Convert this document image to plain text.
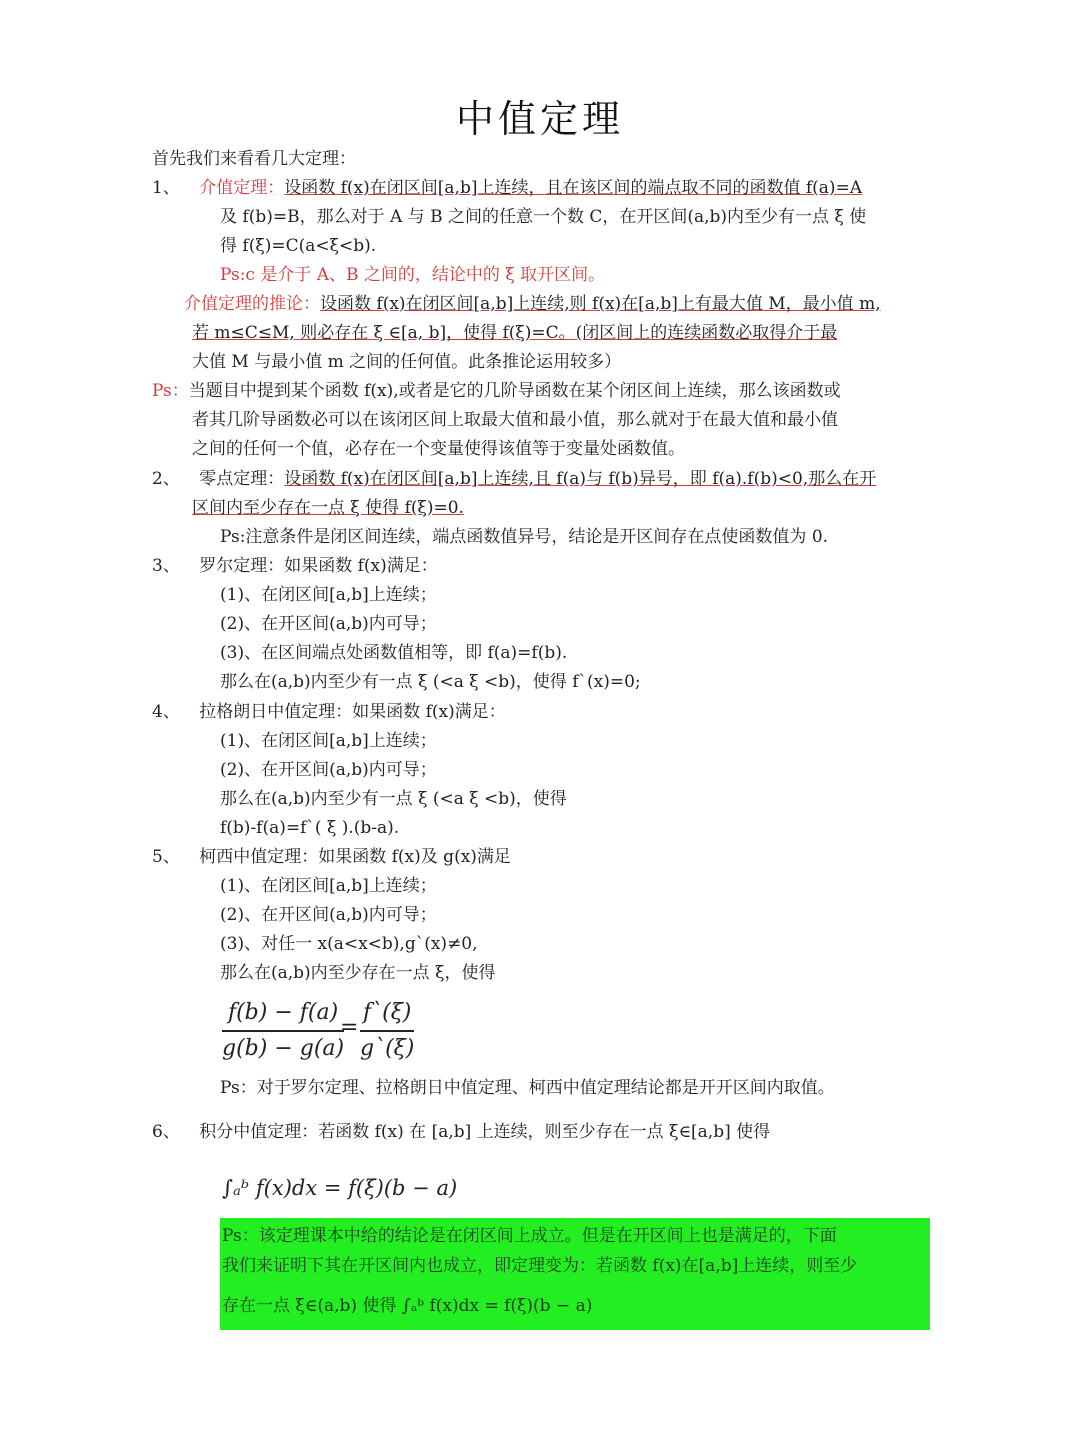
中值定理
首先我们来看看几大定理：
1、 介值定理：设函数 f(x)在闭区间[a,b]上连续，且在该区间的端点取不同的函数值 f(a)=A
及 f(b)=B，那么对于 A 与 B 之间的任意一个数 C，在开区间(a,b)内至少有一点 ξ 使
得 f(ξ)=C(a<ξ<b).
Ps:c 是介于 A、B 之间的，结论中的 ξ 取开区间。
介值定理的推论：设函数 f(x)在闭区间[a,b]上连续,则 f(x)在[a,b]上有最大值 M，最小值 m,
若 m≤C≤M, 则必存在 ξ ∈[a, b]，使得 f(ξ)=C。(闭区间上的连续函数必取得介于最
大值 M 与最小值 m 之间的任何值。此条推论运用较多）
Ps：当题目中提到某个函数 f(x),或者是它的几阶导函数在某个闭区间上连续，那么该函数或
者其几阶导函数必可以在该闭区间上取最大值和最小值，那么就对于在最大值和最小值
之间的任何一个值，必存在一个变量使得该值等于变量处函数值。
2、 零点定理：设函数 f(x)在闭区间[a,b]上连续,且 f(a)与 f(b)异号，即 f(a).f(b)<0,那么在开
区间内至少存在一点 ξ 使得 f(ξ)=0.
Ps:注意条件是闭区间连续，端点函数值异号，结论是开区间存在点使函数值为 0.
3、 罗尔定理：如果函数 f(x)满足：
(1)、在闭区间[a,b]上连续；
(2)、在开区间(a,b)内可导；
(3)、在区间端点处函数值相等，即 f(a)=f(b).
那么在(a,b)内至少有一点 ξ (<a ξ <b)，使得 f`(x)=0;
4、 拉格朗日中值定理：如果函数 f(x)满足：
(1)、在闭区间[a,b]上连续；
(2)、在开区间(a,b)内可导；
那么在(a,b)内至少有一点 ξ (<a ξ <b)，使得
f(b)-f(a)=f`( ξ ).(b-a).
5、 柯西中值定理：如果函数 f(x)及 g(x)满足
(1)、在闭区间[a,b]上连续；
(2)、在开区间(a,b)内可导；
(3)、对任一 x(a<x<b),g`(x)≠0,
那么在(a,b)内至少存在一点 ξ，使得
f(b) − f(a)
g(b) − g(a)
=
f`(ξ)
g`(ξ)
Ps：对于罗尔定理、拉格朗日中值定理、柯西中值定理结论都是开开区间内取值。
6、 积分中值定理：若函数 f(x) 在 [a,b] 上连续，则至少存在一点 ξ∈[a,b] 使得
∫ₐᵇ f(x)dx = f(ξ)(b − a)
Ps：该定理课本中给的结论是在闭区间上成立。但是在开区间上也是满足的，下面
我们来证明下其在开区间内也成立，即定理变为：若函数 f(x)在[a,b]上连续，则至少
存在一点 ξ∈(a,b) 使得 ∫ₐᵇ f(x)dx = f(ξ)(b − a)
